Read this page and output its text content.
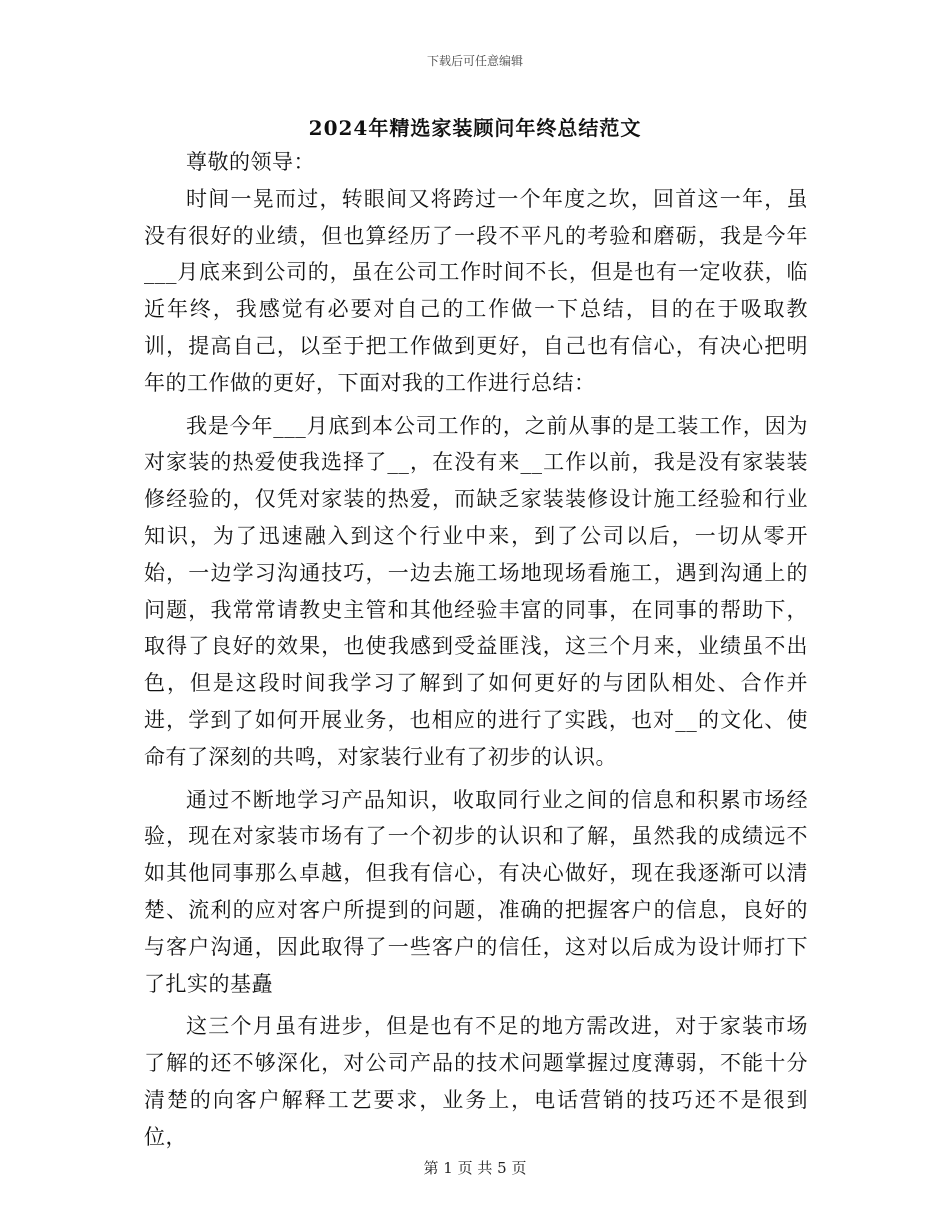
下载后可任意编辑
2024年精选家装顾问年终总结范文

尊敬的领导：

时间一晃而过，转眼间又将跨过一个年度之坎，回首这一年，虽没有很好的业绩，但也算经历了一段不平凡的考验和磨砺，我是今年___月底来到公司的，虽在公司工作时间不长，但是也有一定收获，临近年终，我感觉有必要对自己的工作做一下总结，目的在于吸取教训，提高自己，以至于把工作做到更好，自己也有信心，有决心把明年的工作做的更好，下面对我的工作进行总结：

我是今年___月底到本公司工作的，之前从事的是工装工作，因为对家装的热爱使我选择了__，在没有来__工作以前，我是没有家装装修经验的，仅凭对家装的热爱，而缺乏家装装修设计施工经验和行业知识，为了迅速融入到这个行业中来，到了公司以后，一切从零开始，一边学习沟通技巧，一边去施工场地现场看施工，遇到沟通上的问题，我常常请教史主管和其他经验丰富的同事，在同事的帮助下，取得了良好的效果，也使我感到受益匪浅，这三个月来，业绩虽不出色，但是这段时间我学习了解到了如何更好的与团队相处、合作并进，学到了如何开展业务，也相应的进行了实践，也对__的文化、使命有了深刻的共鸣，对家装行业有了初步的认识。

通过不断地学习产品知识，收取同行业之间的信息和积累市场经验，现在对家装市场有了一个初步的认识和了解，虽然我的成绩远不如其他同事那么卓越，但我有信心，有决心做好，现在我逐渐可以清楚、流利的应对客户所提到的问题，准确的把握客户的信息，良好的与客户沟通，因此取得了一些客户的信任，这对以后成为设计师打下了扎实的基矗

这三个月虽有进步，但是也有不足的地方需改进，对于家装市场了解的还不够深化，对公司产品的技术问题掌握过度薄弱，不能十分清楚的向客户解释工艺要求，业务上，电话营销的技巧还不是很到位，

第 1 页 共 5 页
